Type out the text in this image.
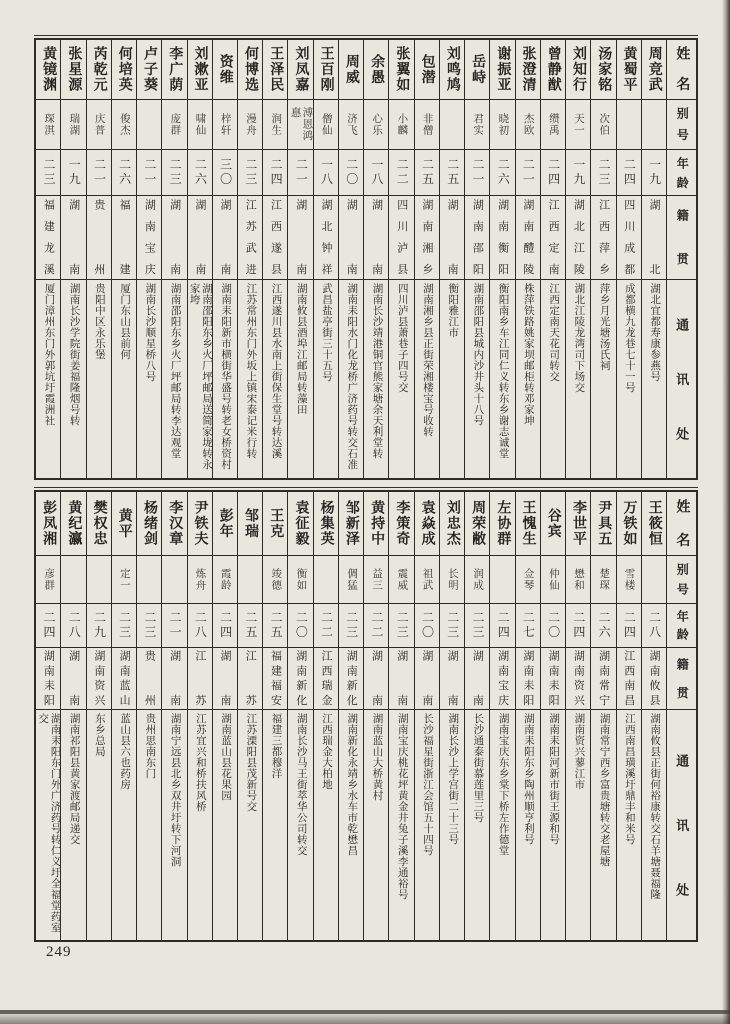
姓名
别号
年龄
籍贯
通讯处
周竞武
一九
湖北
湖北宜都寿康参燕号
黄蜀平
二四
四川成都
成都横九龙巷七十一号
汤家铭
次伯
二三
江西萍乡
萍乡月光塘汤氏祠
刘知行
天一
一九
湖北江陵
湖北江陵龙湾司下场交
曾静猷
缵禹
二四
江西定南
江西定南天花司转交
张澄清
杰欧
二一
湖南醴陵
株萍铁路姚家坝邮柜转邓家坤
谢振亚
晓初
二六
湖南衡阳
衡阳南乡车江同仁义转东乡谢志诚堂
岳峙
君实
二一
湖南邵阳
湖南邵阳县城内沙井头十八号
刘鸣鸠
二五
湖南
衡阳雅江市
包潜
非僧
二五
湖南湘乡
湖南湘乡县正街荣湘楼宝号收转
张翼如
小麟
二二
四川泸县
四川泸县萧巷子四号交
余愚
心乐
一八
湖南
湖南长沙靖港铜官熊家塘余天利堂转
周威
济飞
二〇
湖南
湖南耒阳水门化龙桥广济药号转交石准
王百刚
僧仙
一八
湖北钟祥
武昌盐亭街三十五号
刘凤嘉
溥恩鸿惪
二一
湖南
湖南攸县酒埠江邮局转藻田
王泽民
润生
二四
江西遂县
江西遂川县水南上街保生堂号转达溪
何博选
漫舟
二三
江苏武进
江苏常州东门外坂上镇宋泰记米行转
资维
梓轩
三〇
湖南
湖南耒阳新市横街华盛号转老女桥资村
刘漱亚
啸仙
二六
湖南
湖南邵阳东乡火厂坪邮局送简家垅转永家垮
李广荫
庞群
二三
湖南
湖南邵阳东乡火厂坪邮局转李达观堂
卢子葵
二一
湖南宝庆
湖南长沙顺星桥八号
何培英
俊杰
二六
福建
厦门东山县前何
芮乾元
庆普
二一
贵州
贵阳中区永乐堡
张星源
瑞湖
一九
湖南
湖南长沙学院街姜福隆烟号转
黄镜渊
琛淇
二三
福建龙溪
厦门漳州东门外郭坑圩霞洲社
姓名
别号
年龄
籍贯
通讯处
王筱恒
二八
湖南攸县
湖南攸县正街何裕康转交石羊塘聂福隆
万铁如
雪楼
二四
江西南昌
江西南昌璜溪圩鼎丰和米号
尹具五
楚琛
二六
湖南常宁
湖南常宁西乡富贵塘转交老屋塘
李世平
懋和
二四
湖南资兴
湖南资兴蓼江市
谷宾
仲仙
二〇
湖南耒阳
湖南耒阳河新市街王源和号
王愧生
佥琴
二七
湖南耒阳
湖南耒阳东乡陶州顺亨利号
左协群
二四
湖南宝庆
湖南宝庆东乡棠下桥左作德堂
周荣敝
润成
二三
湖南
长沙通泰街慕莲里三号
刘忠杰
长明
二三
湖南
湖南长沙上学宫街二十三号
袁焱成
祖武
二〇
湖南
长沙福星街浙江会馆五十四号
李策奇
震威
二三
湖南
湖南宝庆桃花坪黄金井兔子溪李通裕号
黄持中
益三
二二
湖南
湖南蓝山大桥黄村
邹新泽
倜猛
二三
湖南新化
湖南新化永靖乡水车市乾懋昌
杨集英
二二
江西瑞金
江西瑞金大柏地
袁征毅
衡如
二〇
湖南新化
湖南长沙马王街萃华公司转交
王克
竣德
二五
福建福安
福建三都穆洋
邹瑞
二五
江苏
江苏溧阳县茂新号交
彭年
霞龄
二四
湖南
湖南蓝山县花果园
尹铁夫
炼舟
二八
江苏
江苏宜兴和桥扶风桥
李汉章
二一
湖南
湖南宁远县北乡双井圩转下河洞
杨绪剑
二三
贵州
贵州思南东门
黄平
定一
二三
湖南蓝山
蓝山县六也药房
樊权忠
二九
湖南资兴
东乡总局
黄纪瀛
二八
湖南
湖南祁阳县黄家渡邮局递交
彭凤湘
彦群
二四
湖南耒阳
湖南耒阳东门外广济药号转仁义圩全福堂药室交
249
